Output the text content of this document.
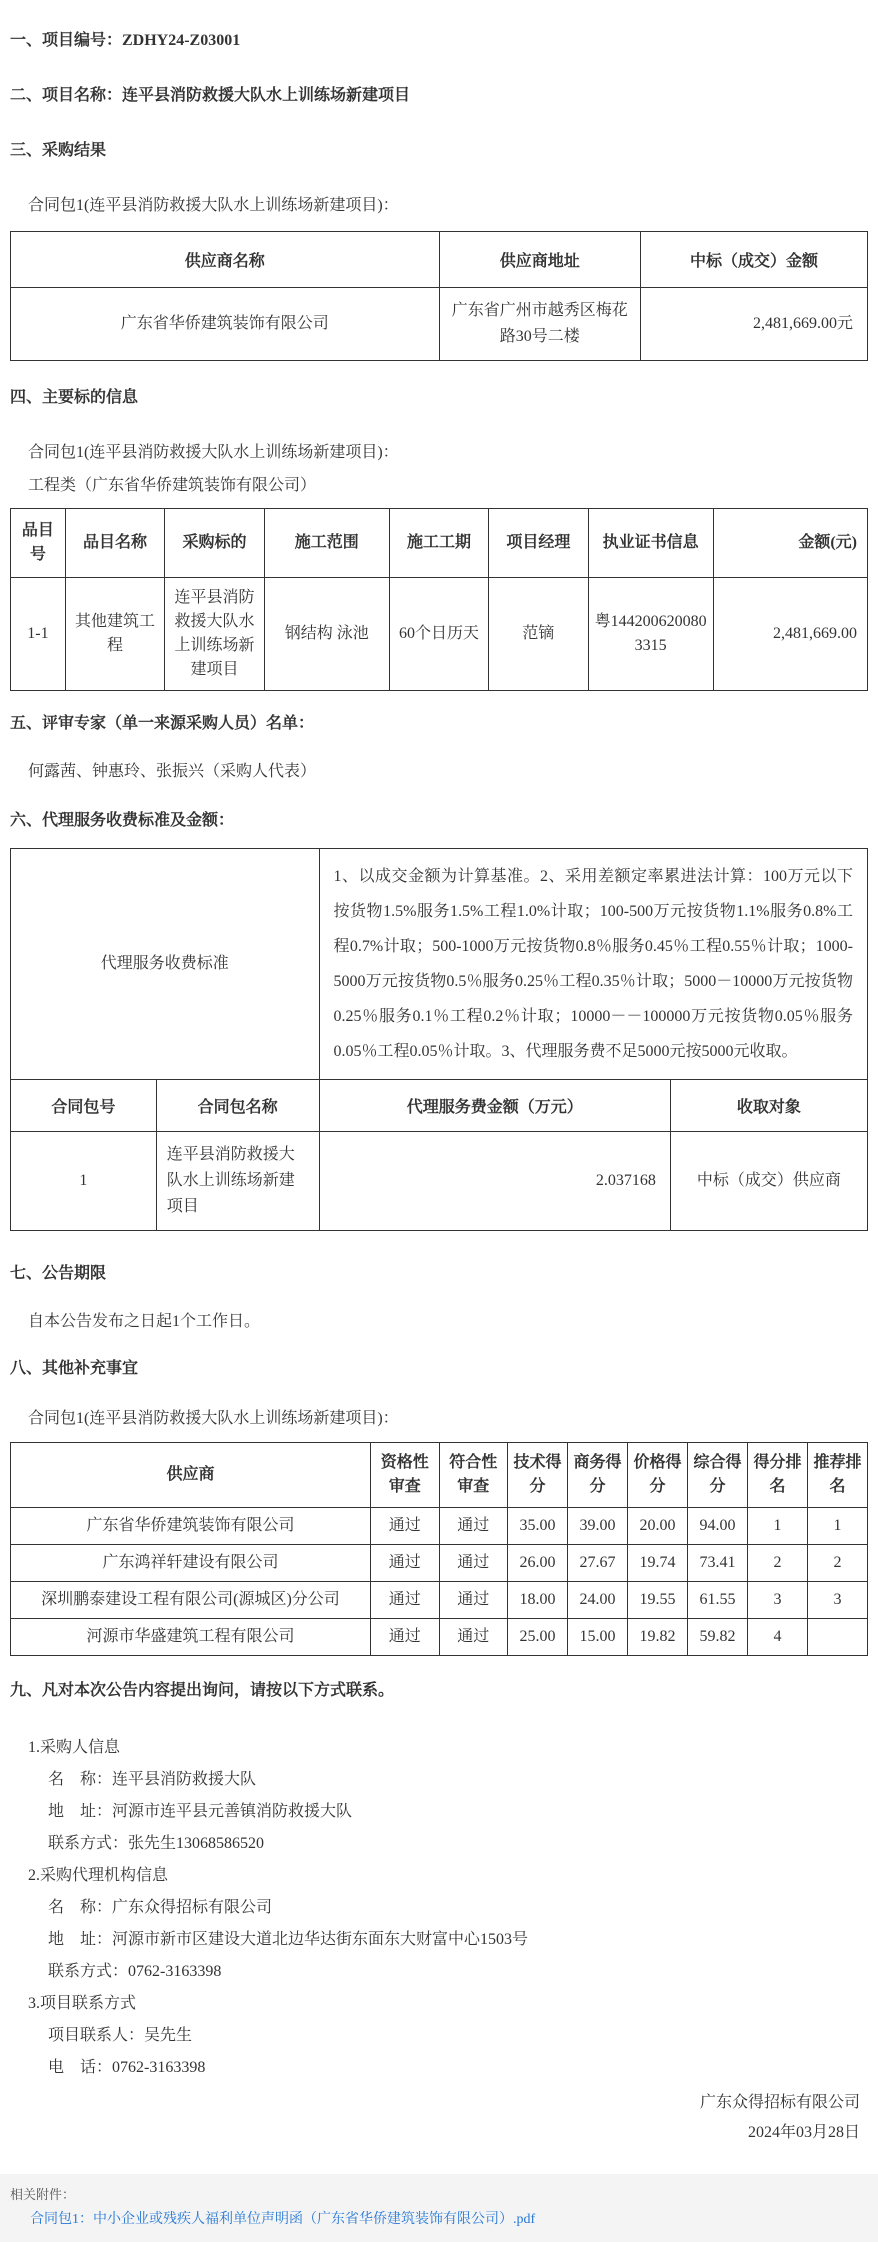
一、项目编号：ZDHY24-Z03001
二、项目名称：连平县消防救援大队水上训练场新建项目
三、采购结果
合同包1(连平县消防救援大队水上训练场新建项目)：
供应商名称	供应商地址	中标（成交）金额
广东省华侨建筑装饰有限公司	广东省广州市越秀区梅花路30号二楼	2,481,669.00元
四、主要标的信息
合同包1(连平县消防救援大队水上训练场新建项目)：
工程类（广东省华侨建筑装饰有限公司）
品目号	品目名称	采购标的	施工范围	施工工期	项目经理	执业证书信息	金额(元)
1-1	其他建筑工程	连平县消防救援大队水上训练场新建项目	钢结构 泳池	60个日历天	范镝	粤1442006200803315	2,481,669.00
五、评审专家（单一来源采购人员）名单：
何露茜、钟惠玲、张振兴（采购人代表）
六、代理服务收费标准及金额：
代理服务收费标准		1、以成交金额为计算基准。2、采用差额定率累进法计算：100万元以下按货物1.5%服务1.5%工程1.0%计取；100-500万元按货物1.1%服务0.8%工程0.7%计取；500-1000万元按货物0.8％服务0.45％工程0.55％计取；1000-5000万元按货物0.5％服务0.25％工程0.35％计取；5000－10000万元按货物0.25％服务0.1％工程0.2％计取；10000－－100000万元按货物0.05％服务0.05％工程0.05％计取。3、代理服务费不足5000元按5000元收取。	
合同包号	合同包名称	代理服务费金额（万元）	收取对象
1	连平县消防救援大队水上训练场新建项目	2.037168	中标（成交）供应商
七、公告期限
自本公告发布之日起1个工作日。
八、其他补充事宜
合同包1(连平县消防救援大队水上训练场新建项目)：
供应商	资格性审查	符合性审查	技术得分	商务得分	价格得分	综合得分	得分排名	推荐排名
广东省华侨建筑装饰有限公司	通过	通过	35.00	39.00	20.00	94.00	1	1
广东鸿祥轩建设有限公司	通过	通过	26.00	27.67	19.74	73.41	2	2
深圳鹏泰建设工程有限公司(源城区)分公司	通过	通过	18.00	24.00	19.55	61.55	3	3
河源市华盛建筑工程有限公司	通过	通过	25.00	15.00	19.82	59.82	4	
九、凡对本次公告内容提出询问，请按以下方式联系。
1.采购人信息
名　称：连平县消防救援大队
地　址：河源市连平县元善镇消防救援大队
联系方式：张先生13068586520
2.采购代理机构信息
名　称：广东众得招标有限公司
地　址：河源市新市区建设大道北边华达街东面东大财富中心1503号
联系方式：0762-3163398
3.项目联系方式
项目联系人：吴先生
电　话：0762-3163398
广东众得招标有限公司
2024年03月28日
相关附件：
合同包1：中小企业或残疾人福利单位声明函（广东省华侨建筑装饰有限公司）.pdf
